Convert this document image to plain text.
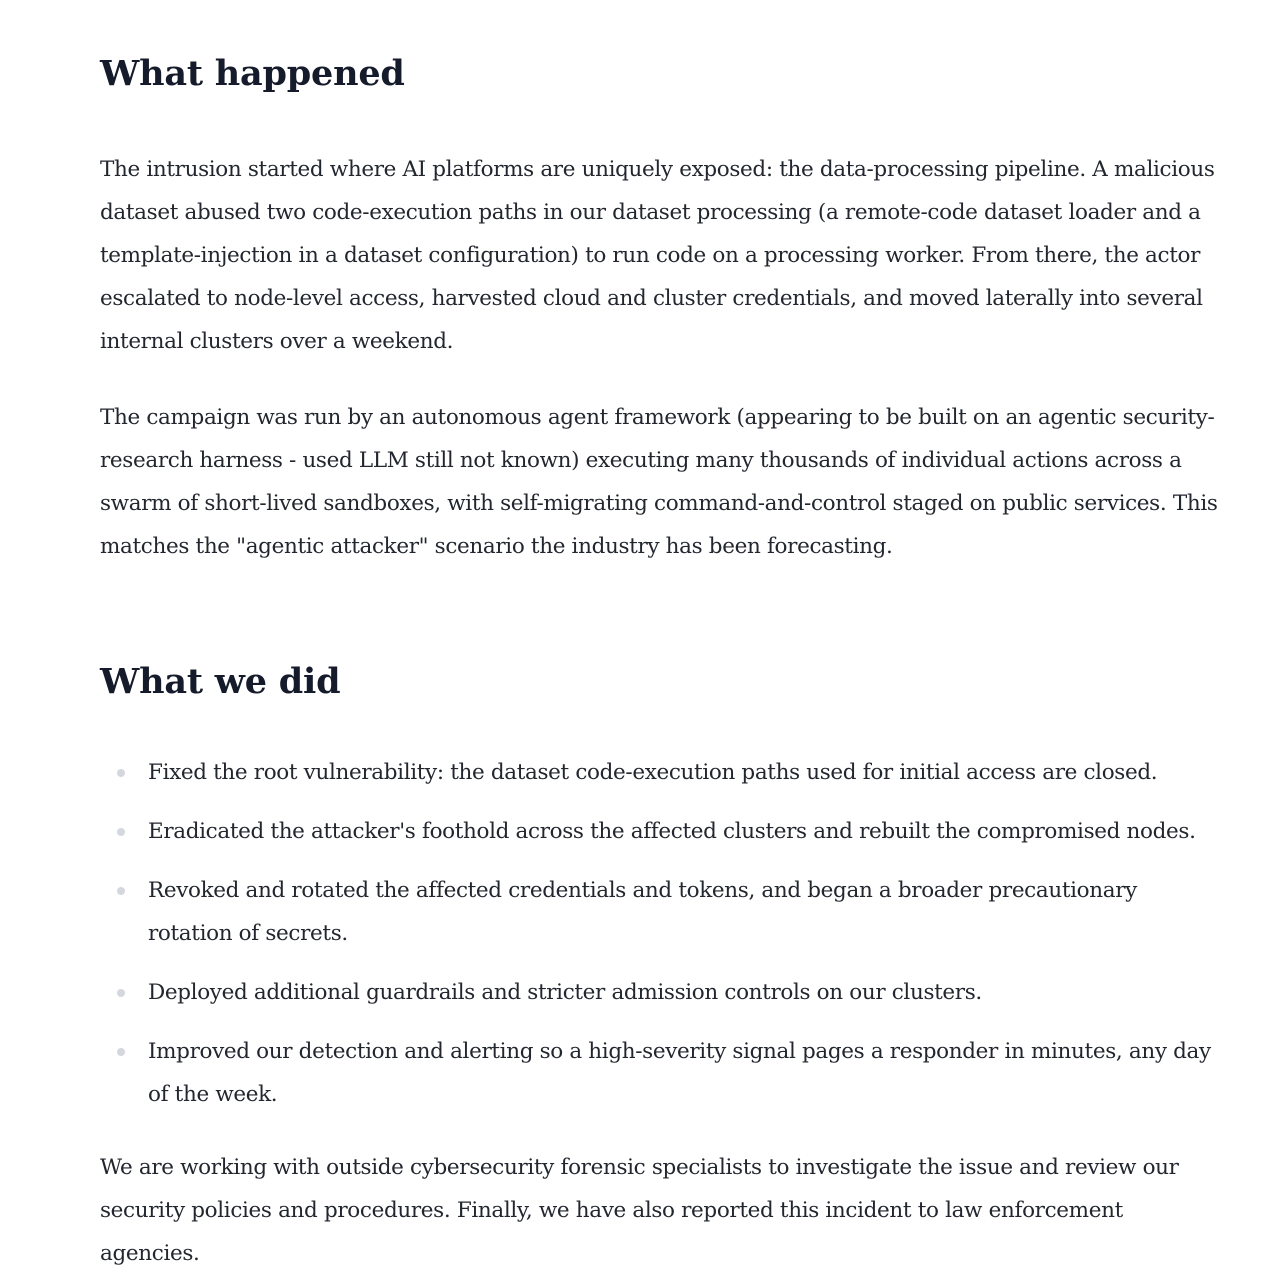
What happened

The intrusion started where AI platforms are uniquely exposed: the data-processing pipeline. A malicious dataset abused two code-execution paths in our dataset processing (a remote-code dataset loader and a template-injection in a dataset configuration) to run code on a processing worker. From there, the actor escalated to node-level access, harvested cloud and cluster credentials, and moved laterally into several internal clusters over a weekend.

The campaign was run by an autonomous agent framework (appearing to be built on an agentic security-research harness - used LLM still not known) executing many thousands of individual actions across a swarm of short-lived sandboxes, with self-migrating command-and-control staged on public services. This matches the "agentic attacker" scenario the industry has been forecasting.

What we did
Fixed the root vulnerability: the dataset code-execution paths used for initial access are closed.
Eradicated the attacker's foothold across the affected clusters and rebuilt the compromised nodes.
Revoked and rotated the affected credentials and tokens, and began a broader precautionary rotation of secrets.
Deployed additional guardrails and stricter admission controls on our clusters.
Improved our detection and alerting so a high-severity signal pages a responder in minutes, any day of the week.

We are working with outside cybersecurity forensic specialists to investigate the issue and review our security policies and procedures. Finally, we have also reported this incident to law enforcement agencies.
